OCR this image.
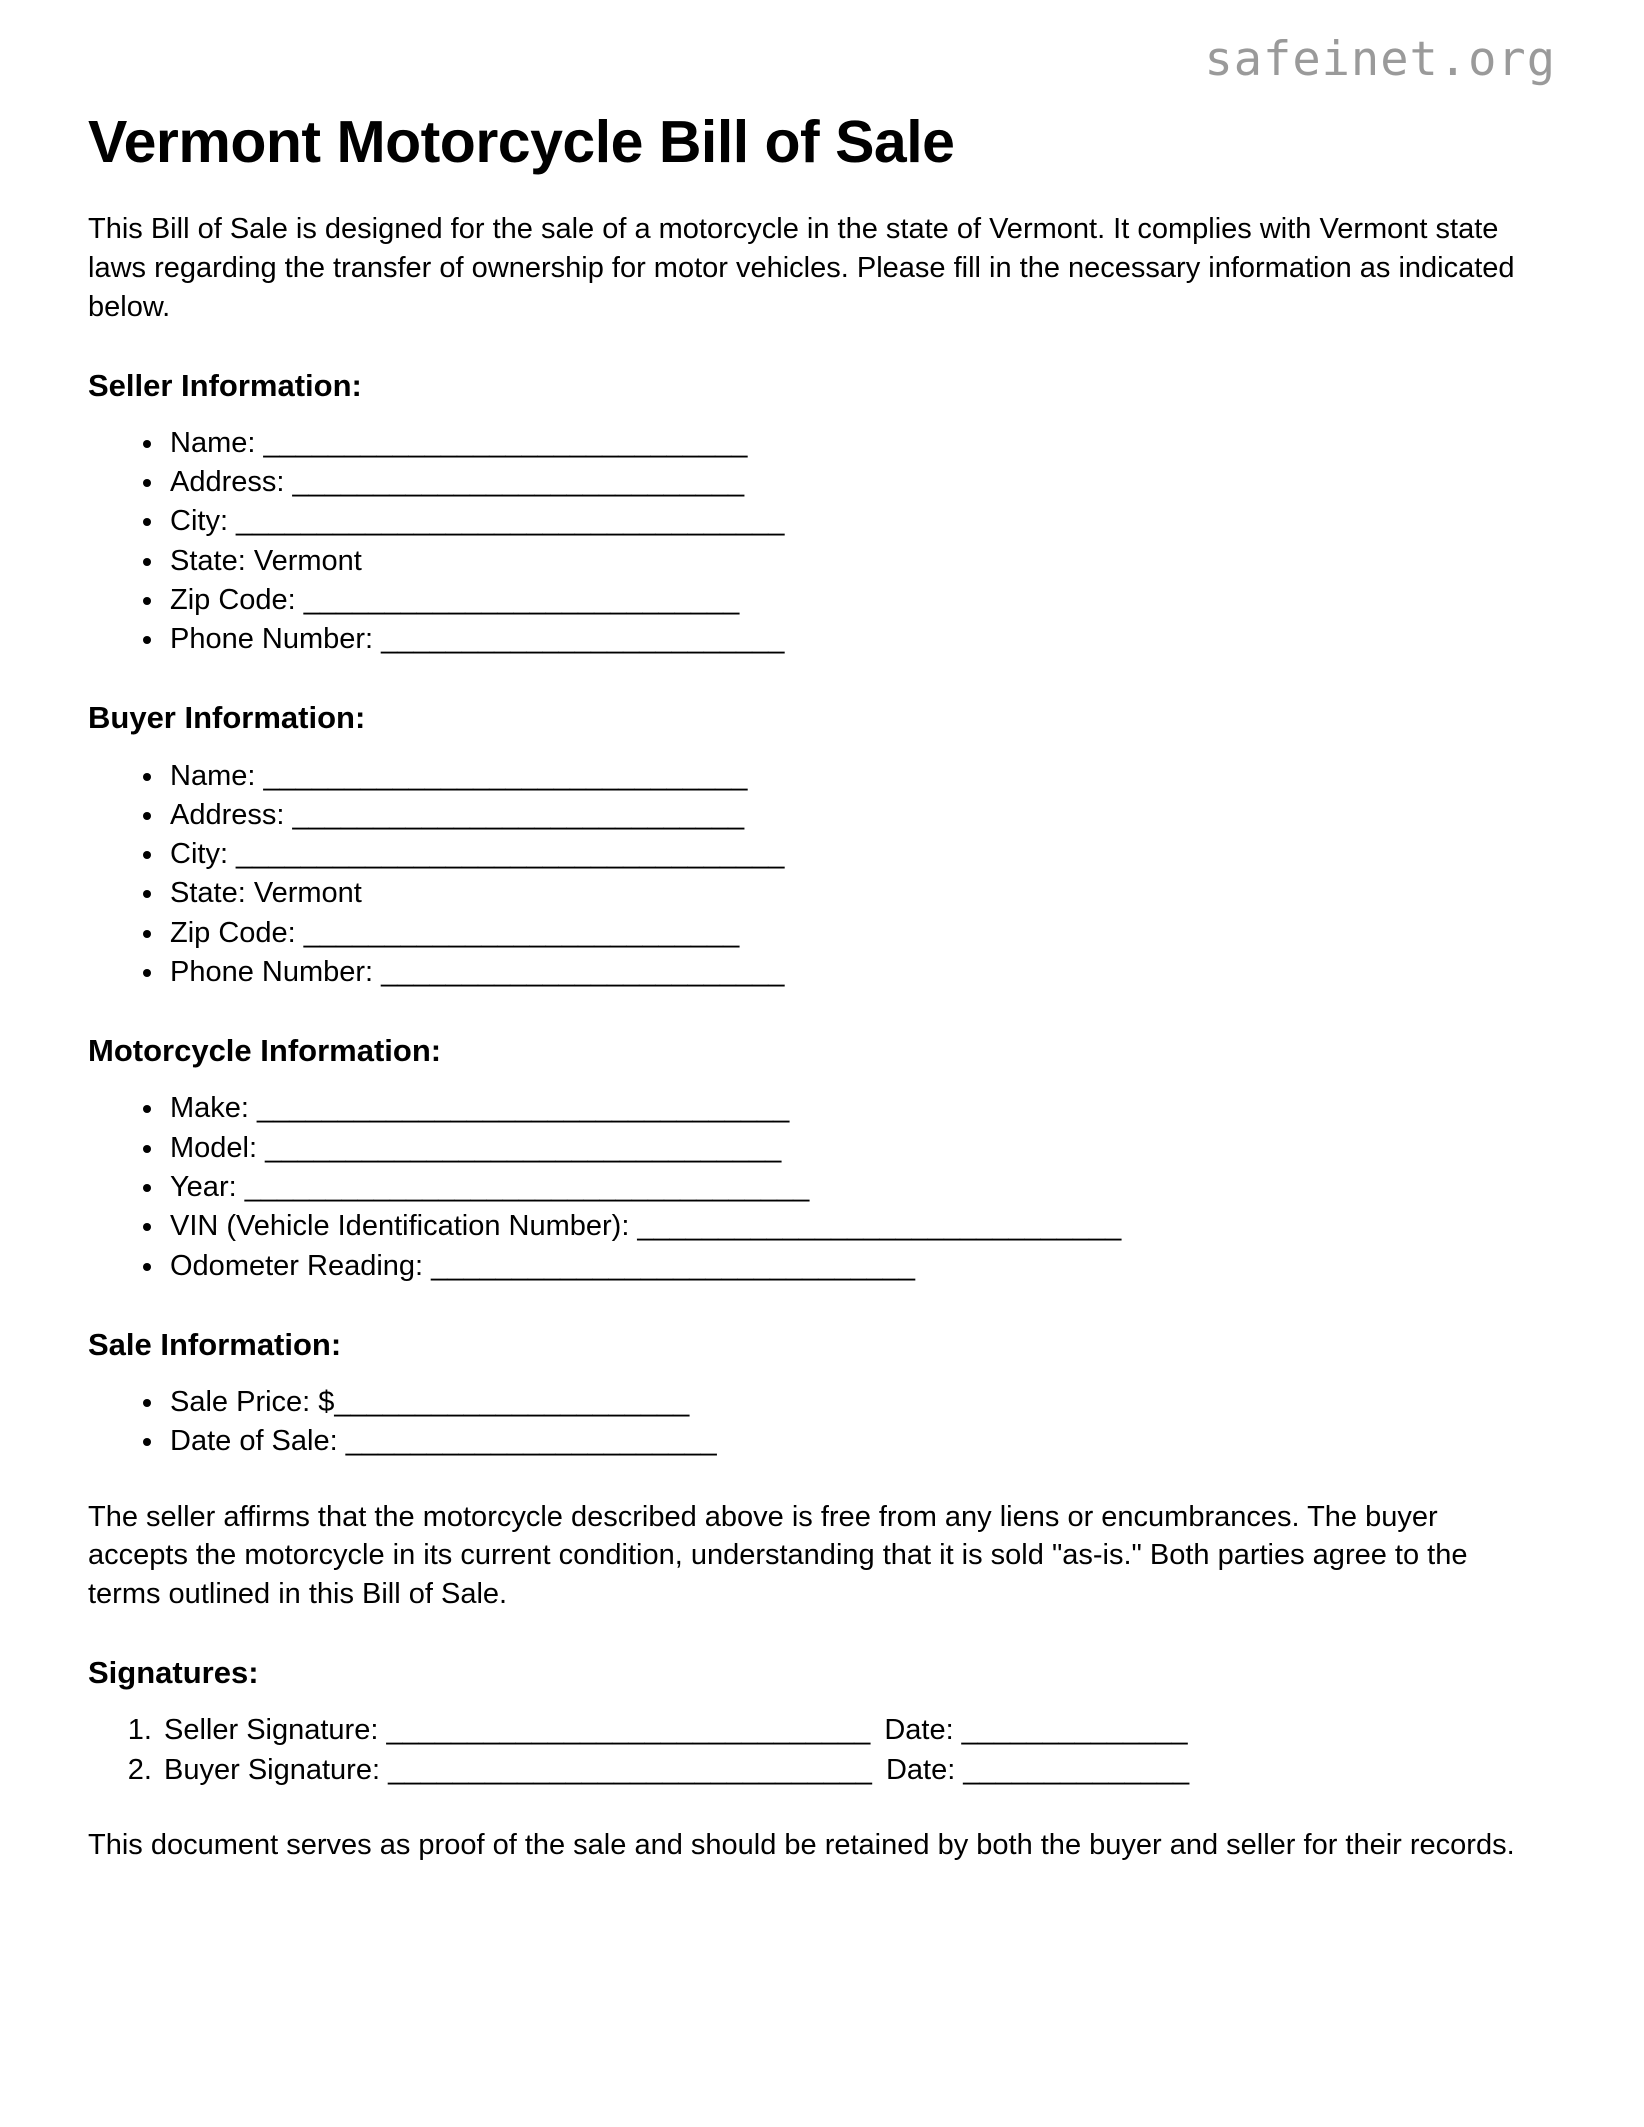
safeinet.org
Vermont Motorcycle Bill of Sale

This Bill of Sale is designed for the sale of a motorcycle in the state of Vermont. It complies with Vermont state laws regarding the transfer of ownership for motor vehicles. Please fill in the necessary information as indicated below.

Seller Information:
• Name: ______________________________
• Address: ____________________________
• City: __________________________________
• State: Vermont
• Zip Code: ___________________________
• Phone Number: _________________________
Buyer Information:
• Name: ______________________________
• Address: ____________________________
• City: __________________________________
• State: Vermont
• Zip Code: ___________________________
• Phone Number: _________________________
Motorcycle Information:
• Make: _________________________________
• Model: ________________________________
• Year: ___________________________________
• VIN (Vehicle Identification Number): ______________________________
• Odometer Reading: ______________________________
Sale Information:
• Sale Price: $______________________
• Date of Sale: _______________________

The seller affirms that the motorcycle described above is free from any liens or encumbrances. The buyer accepts the motorcycle in its current condition, understanding that it is sold "as-is." Both parties agree to the terms outlined in this Bill of Sale.

Signatures:
1. Seller Signature: ______________________________ Date: ______________
2. Buyer Signature: ______________________________ Date: ______________

This document serves as proof of the sale and should be retained by both the buyer and seller for their records.
